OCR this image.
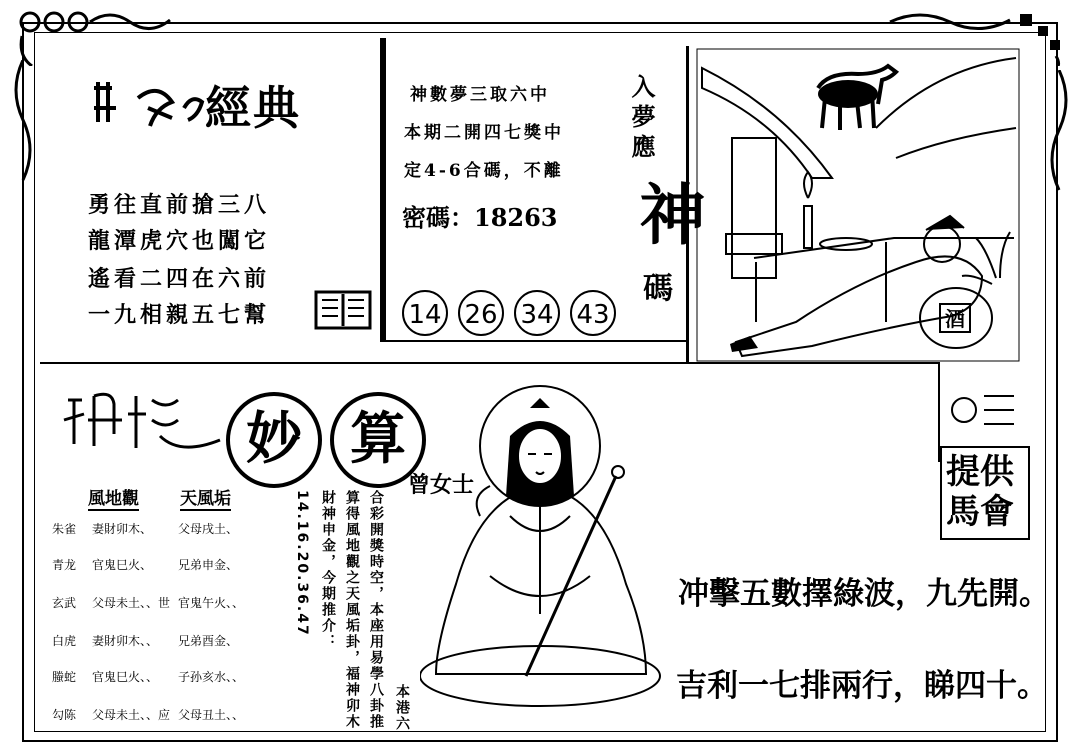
經典
勇往直前搶三八
龍潭虎穴也闖它
遙看二四在六前
一九相親五七幫
神數夢三取六中
本期二開四七獎中
定4-6合碼，不離
密碼：18263
14 26 34 43
入夢應
神
碼
酒
提供 馬會
妙 算
曾女士
風地觀 天風垢
朱雀 妻財卯木、 父母戌土、
青龙 官鬼巳火、 兄弟申金、
玄武 父母未土、、世 官鬼午火、、
白虎 妻財卯木、、 兄弟酉金、
螣蛇 官鬼巳火、、 子孙亥水、、
勾陈 父母未土、、应 父母丑土、、	本港六
合彩開獎時空，本座用易學八卦推
算得風地觀之天風垢卦，福神卯木
財神申金，今期推介：
14.16.20.36.47	冲擊五數擇綠波，九先開。
吉利一七排兩行，睇四十。
